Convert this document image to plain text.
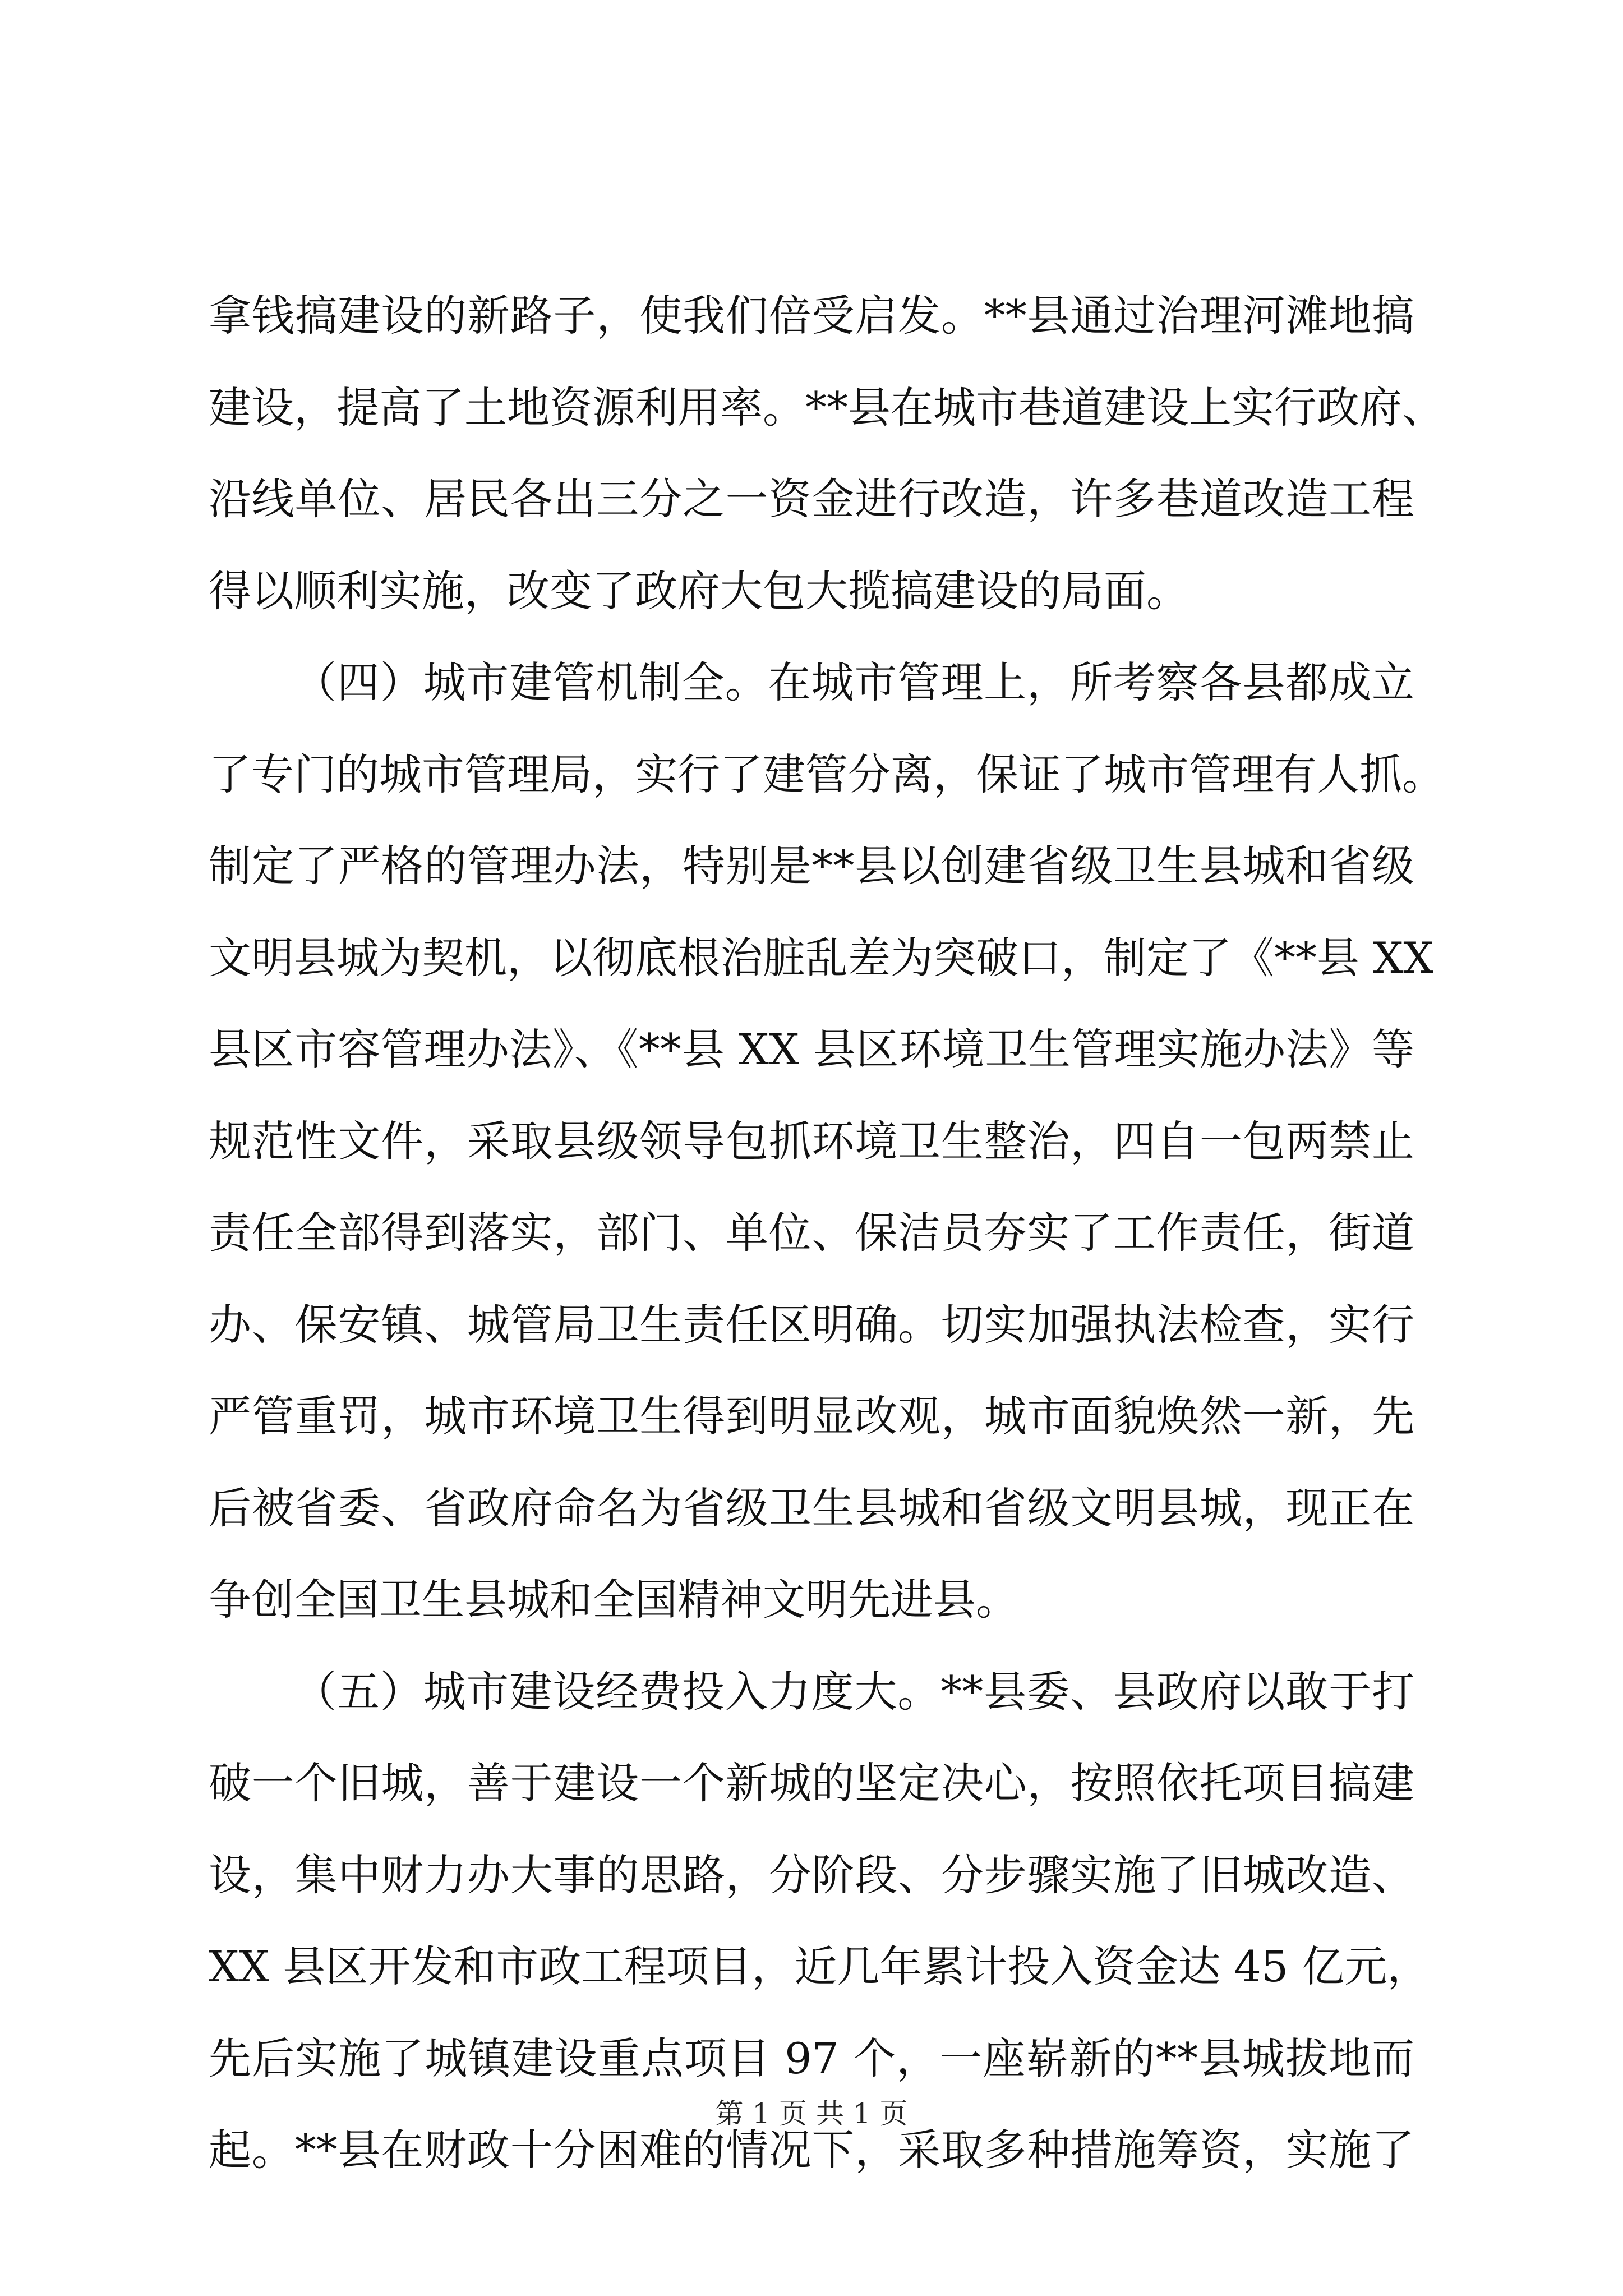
拿钱搞建设的新路子，使我们倍受启发。**县通过治理河滩地搞
建设，提高了土地资源利用率。**县在城市巷道建设上实行政府、
沿线单位、居民各出三分之一资金进行改造，许多巷道改造工程
得以顺利实施，改变了政府大包大揽搞建设的局面。
（四）城市建管机制全。在城市管理上，所考察各县都成立
了专门的城市管理局，实行了建管分离，保证了城市管理有人抓。
制定了严格的管理办法，特别是**县以创建省级卫生县城和省级
文明县城为契机，以彻底根治脏乱差为突破口，制定了《**县 XX
县区市容管理办法》、《**县 XX 县区环境卫生管理实施办法》等
规范性文件，采取县级领导包抓环境卫生整治，四自一包两禁止
责任全部得到落实，部门、单位、保洁员夯实了工作责任，街道
办、保安镇、城管局卫生责任区明确。切实加强执法检查，实行
严管重罚，城市环境卫生得到明显改观，城市面貌焕然一新，先
后被省委、省政府命名为省级卫生县城和省级文明县城，现正在
争创全国卫生县城和全国精神文明先进县。
（五）城市建设经费投入力度大。**县委、县政府以敢于打
破一个旧城，善于建设一个新城的坚定决心，按照依托项目搞建
设，集中财力办大事的思路，分阶段、分步骤实施了旧城改造、
XX 县区开发和市政工程项目，近几年累计投入资金达 45 亿元，
先后实施了城镇建设重点项目 97 个，一座崭新的**县城拔地而
起。**县在财政十分困难的情况下，采取多种措施筹资，实施了
第 1 页 共 1 页
